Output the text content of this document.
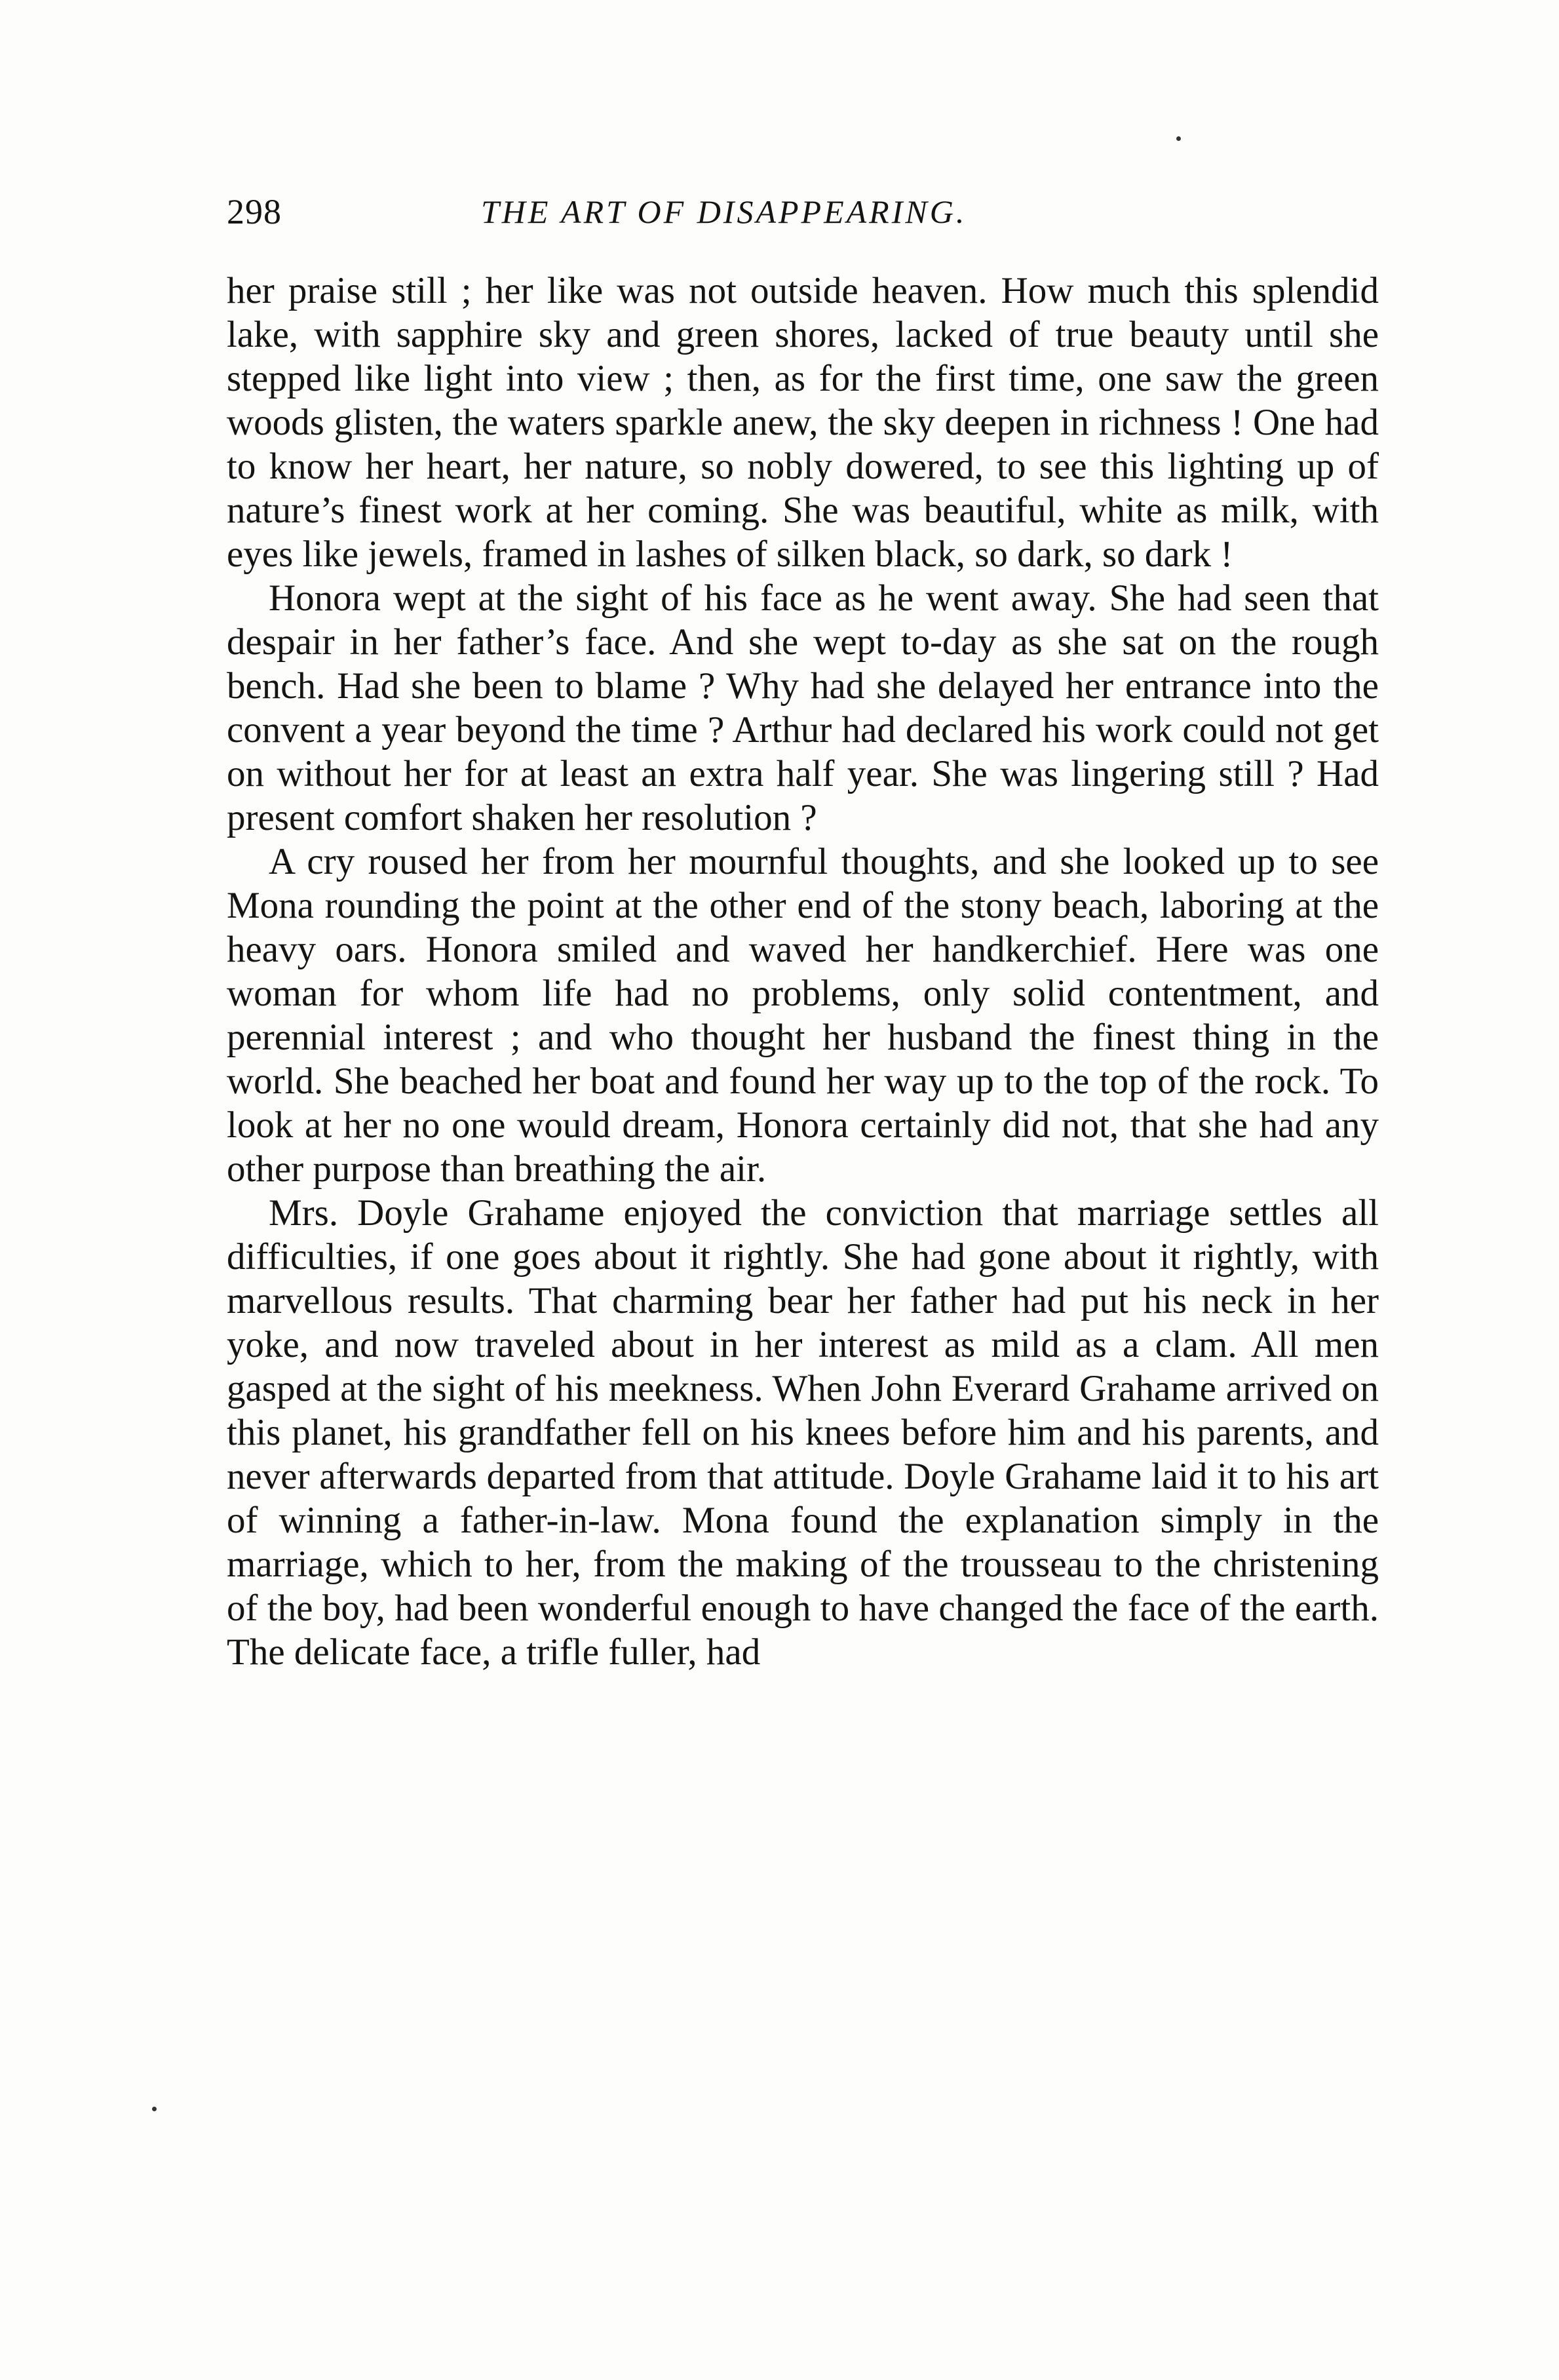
298	THE ART OF DISAPPEARING.

her praise still ; her like was not outside heaven. How much this splendid lake, with sapphire sky and green shores, lacked of true beauty until she stepped like light into view ; then, as for the first time, one saw the green woods glisten, the waters sparkle anew, the sky deepen in richness ! One had to know her heart, her nature, so nobly dowered, to see this lighting up of nature’s finest work at her coming. She was beautiful, white as milk, with eyes like jewels, framed in lashes of silken black, so dark, so dark !

Honora wept at the sight of his face as he went away. She had seen that despair in her father’s face. And she wept to-day as she sat on the rough bench. Had she been to blame ? Why had she delayed her entrance into the convent a year beyond the time ? Arthur had declared his work could not get on without her for at least an extra half year. She was lingering still ? Had present comfort shaken her resolution ?

A cry roused her from her mournful thoughts, and she looked up to see Mona rounding the point at the other end of the stony beach, laboring at the heavy oars. Honora smiled and waved her handkerchief. Here was one woman for whom life had no problems, only solid contentment, and perennial interest ; and who thought her husband the finest thing in the world. She beached her boat and found her way up to the top of the rock. To look at her no one would dream, Honora certainly did not, that she had any other purpose than breathing the air.

Mrs. Doyle Grahame enjoyed the conviction that marriage settles all difficulties, if one goes about it rightly. She had gone about it rightly, with marvellous results. That charming bear her father had put his neck in her yoke, and now traveled about in her interest as mild as a clam. All men gasped at the sight of his meekness. When John Everard Grahame arrived on this planet, his grandfather fell on his knees before him and his parents, and never afterwards departed from that attitude. Doyle Grahame laid it to his art of winning a father-in-law. Mona found the explanation simply in the marriage, which to her, from the making of the trousseau to the christening of the boy, had been wonderful enough to have changed the face of the earth. The delicate face, a trifle fuller, had
